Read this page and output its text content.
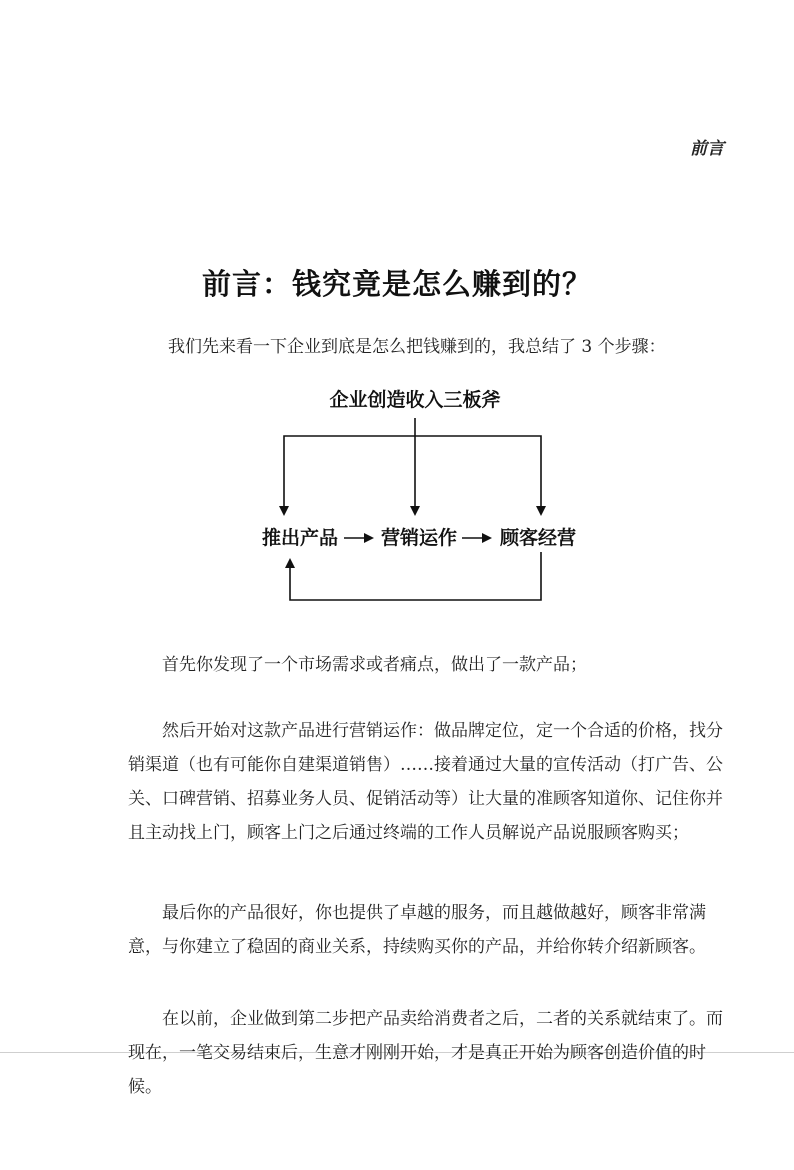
前言
前言：钱究竟是怎么赚到的？
我们先来看一下企业到底是怎么把钱赚到的，我总结了 3 个步骤：
企业创造收入三板斧
推出产品 营销运作 顾客经营

首先你发现了一个市场需求或者痛点，做出了一款产品；

然后开始对这款产品进行营销运作：做品牌定位，定一个合适的价格，找分销渠道（也有可能你自建渠道销售）……接着通过大量的宣传活动（打广告、公关、口碑营销、招募业务人员、促销活动等）让大量的准顾客知道你、记住你并且主动找上门，顾客上门之后通过终端的工作人员解说产品说服顾客购买；

最后你的产品很好，你也提供了卓越的服务，而且越做越好，顾客非常满意，与你建立了稳固的商业关系，持续购买你的产品，并给你转介绍新顾客。

在以前，企业做到第二步把产品卖给消费者之后，二者的关系就结束了。而现在，一笔交易结束后，生意才刚刚开始，才是真正开始为顾客创造价值的时候。
